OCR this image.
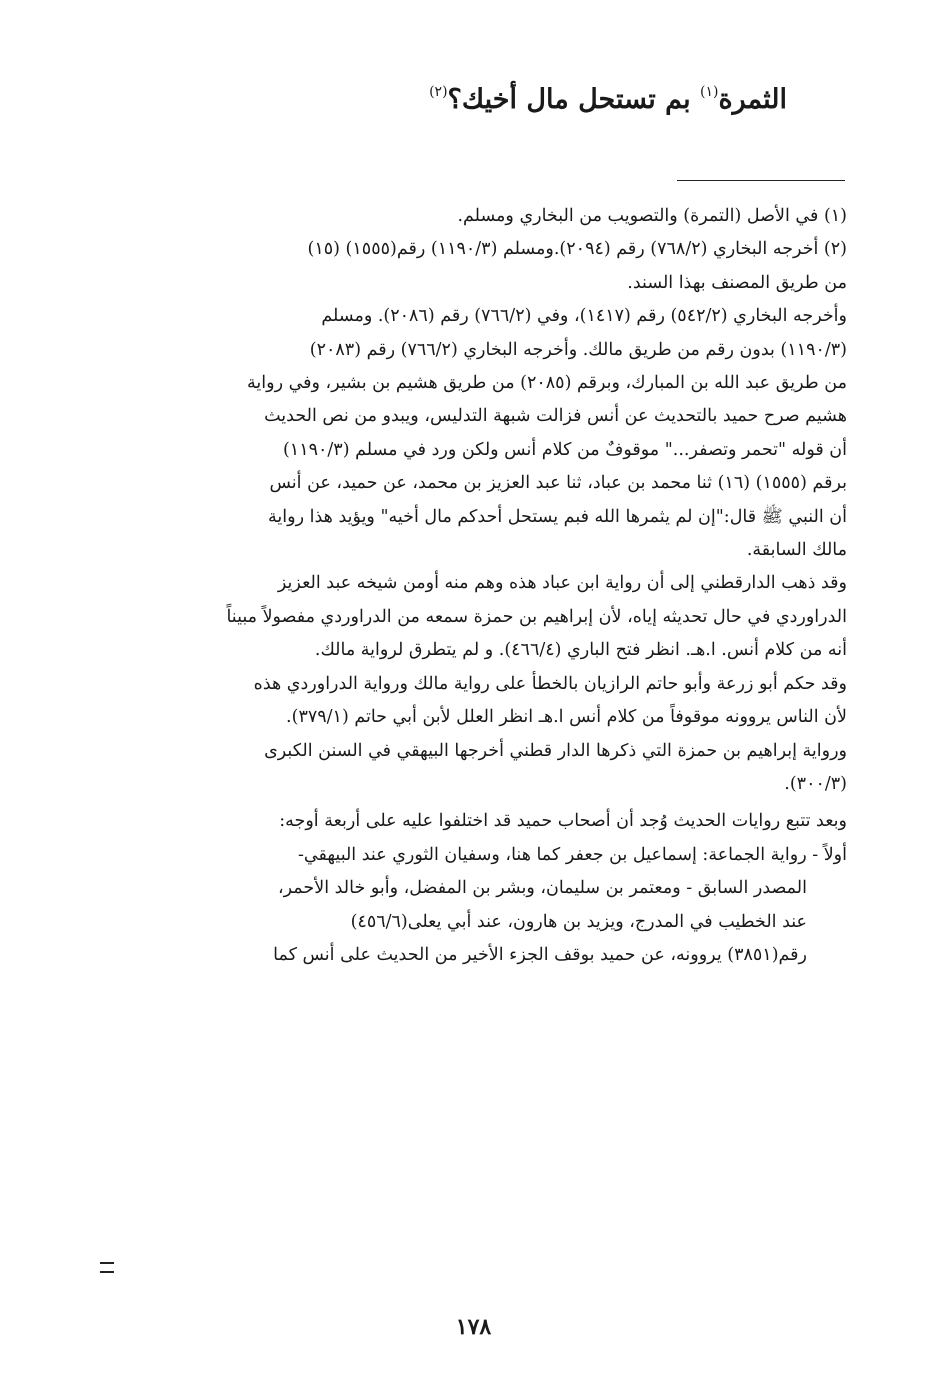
الثمرة$^{(١)}$ بم تستحل مال أخيك؟$^{(٢)}$

(١) في الأصل (التمرة) والتصويب من البخاري ومسلم.

(٢) أخرجه البخاري (٧٦٨/٢) رقم (٢٠٩٤).ومسلم (١١٩٠/٣) رقم(١٥٥٥) (١٥)
من طريق المصنف بهذا السند.

وأخرجه البخاري (٥٤٢/٢) رقم (١٤١٧)، وفي (٧٦٦/٢) رقم (٢٠٨٦). ومسلم
(١١٩٠/٣) بدون رقم من طريق مالك. وأخرجه البخاري (٧٦٦/٢) رقم (٢٠٨٣)
من طريق عبد الله بن المبارك، وبرقم (٢٠٨٥) من طريق هشيم بن بشير، وفي رواية
هشيم صرح حميد بالتحديث عن أنس فزالت شبهة التدليس، ويبدو من نص الحديث
أن قوله "تحمر وتصفر..." موقوفٌ من كلام أنس ولكن ورد في مسلم (١١٩٠/٣)
برقم (١٥٥٥) (١٦) ثنا محمد بن عباد، ثنا عبد العزيز بن محمد، عن حميد، عن أنس
أن النبي ﷺ قال:"إن لم يثمرها الله فبم يستحل أحدكم مال أخيه" ويؤيد هذا رواية
مالك السابقة.

وقد ذهب الدارقطني إلى أن رواية ابن عباد هذه وهم منه أومن شيخه عبد العزيز
الدراوردي في حال تحديثه إياه، لأن إبراهيم بن حمزة سمعه من الدراوردي مفصولاً مبيناً
أنه من كلام أنس. ا.هـ. انظر فتح الباري (٤٦٦/٤). و لم يتطرق لرواية مالك.

وقد حكم أبو زرعة وأبو حاتم الرازيان بالخطأ على رواية مالك ورواية الدراوردي هذه
لأن الناس يروونه موقوفاً من كلام أنس ا.هـ انظر العلل لأبن أبي حاتم (٣٧٩/١).

ورواية إبراهيم بن حمزة التي ذكرها الدار قطني أخرجها البيهقي في السنن الكبرى
(٣٠٠/٣).

وبعد تتبع روايات الحديث وُجد أن أصحاب حميد قد اختلفوا عليه على أربعة أوجه:
أولاً - رواية الجماعة: إسماعيل بن جعفر كما هنا، وسفيان الثوري عند البيهقي-

المصدر السابق - ومعتمر بن سليمان، وبشر بن المفضل، وأبو خالد الأحمر،
عند الخطيب في المدرج، ويزيد بن هارون، عند أبي يعلى(٤٥٦/٦)
رقم(٣٨٥١) يروونه، عن حميد بوقف الجزء الأخير من الحديث على أنس كما

١٧٨
